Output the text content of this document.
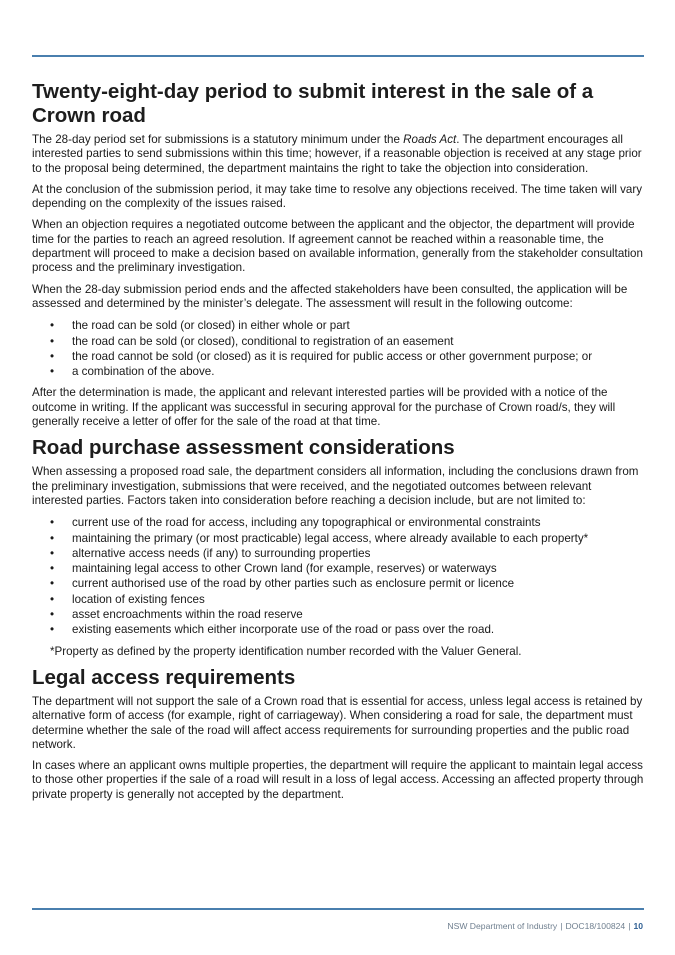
Twenty-eight-day period to submit interest in the sale of a Crown road

The 28-day period set for submissions is a statutory minimum under the Roads Act. The department encourages all interested parties to send submissions within this time; however, if a reasonable objection is received at any stage prior to the proposal being determined, the department maintains the right to take the objection into consideration.

At the conclusion of the submission period, it may take time to resolve any objections received. The time taken will vary depending on the complexity of the issues raised.

When an objection requires a negotiated outcome between the applicant and the objector, the department will provide time for the parties to reach an agreed resolution. If agreement cannot be reached within a reasonable time, the department will proceed to make a decision based on available information, generally from the stakeholder consultation process and the preliminary investigation.

When the 28-day submission period ends and the affected stakeholders have been consulted, the application will be assessed and determined by the minister’s delegate. The assessment will result in the following outcome:

• the road can be sold (or closed) in either whole or part
• the road can be sold (or closed), conditional to registration of an easement
• the road cannot be sold (or closed) as it is required for public access or other government purpose; or
• a combination of the above.

After the determination is made, the applicant and relevant interested parties will be provided with a notice of the outcome in writing. If the applicant was successful in securing approval for the purchase of Crown road/s, they will generally receive a letter of offer for the sale of the road at that time.

Road purchase assessment considerations

When assessing a proposed road sale, the department considers all information, including the conclusions drawn from the preliminary investigation, submissions that were received, and the negotiated outcomes between relevant interested parties. Factors taken into consideration before reaching a decision include, but are not limited to:

• current use of the road for access, including any topographical or environmental constraints
• maintaining the primary (or most practicable) legal access, where already available to each property*
• alternative access needs (if any) to surrounding properties
• maintaining legal access to other Crown land (for example, reserves) or waterways
• current authorised use of the road by other parties such as enclosure permit or licence
• location of existing fences
• asset encroachments within the road reserve
• existing easements which either incorporate use of the road or pass over the road.

*Property as defined by the property identification number recorded with the Valuer General.

Legal access requirements

The department will not support the sale of a Crown road that is essential for access, unless legal access is retained by alternative form of access (for example, right of carriageway). When considering a road for sale, the department must determine whether the sale of the road will affect access requirements for surrounding properties and the public road network.

In cases where an applicant owns multiple properties, the department will require the applicant to maintain legal access to those other properties if the sale of a road will result in a loss of legal access. Accessing an affected property through private property is generally not accepted by the department.

NSW Department of Industry | DOC18/100824 | 10
